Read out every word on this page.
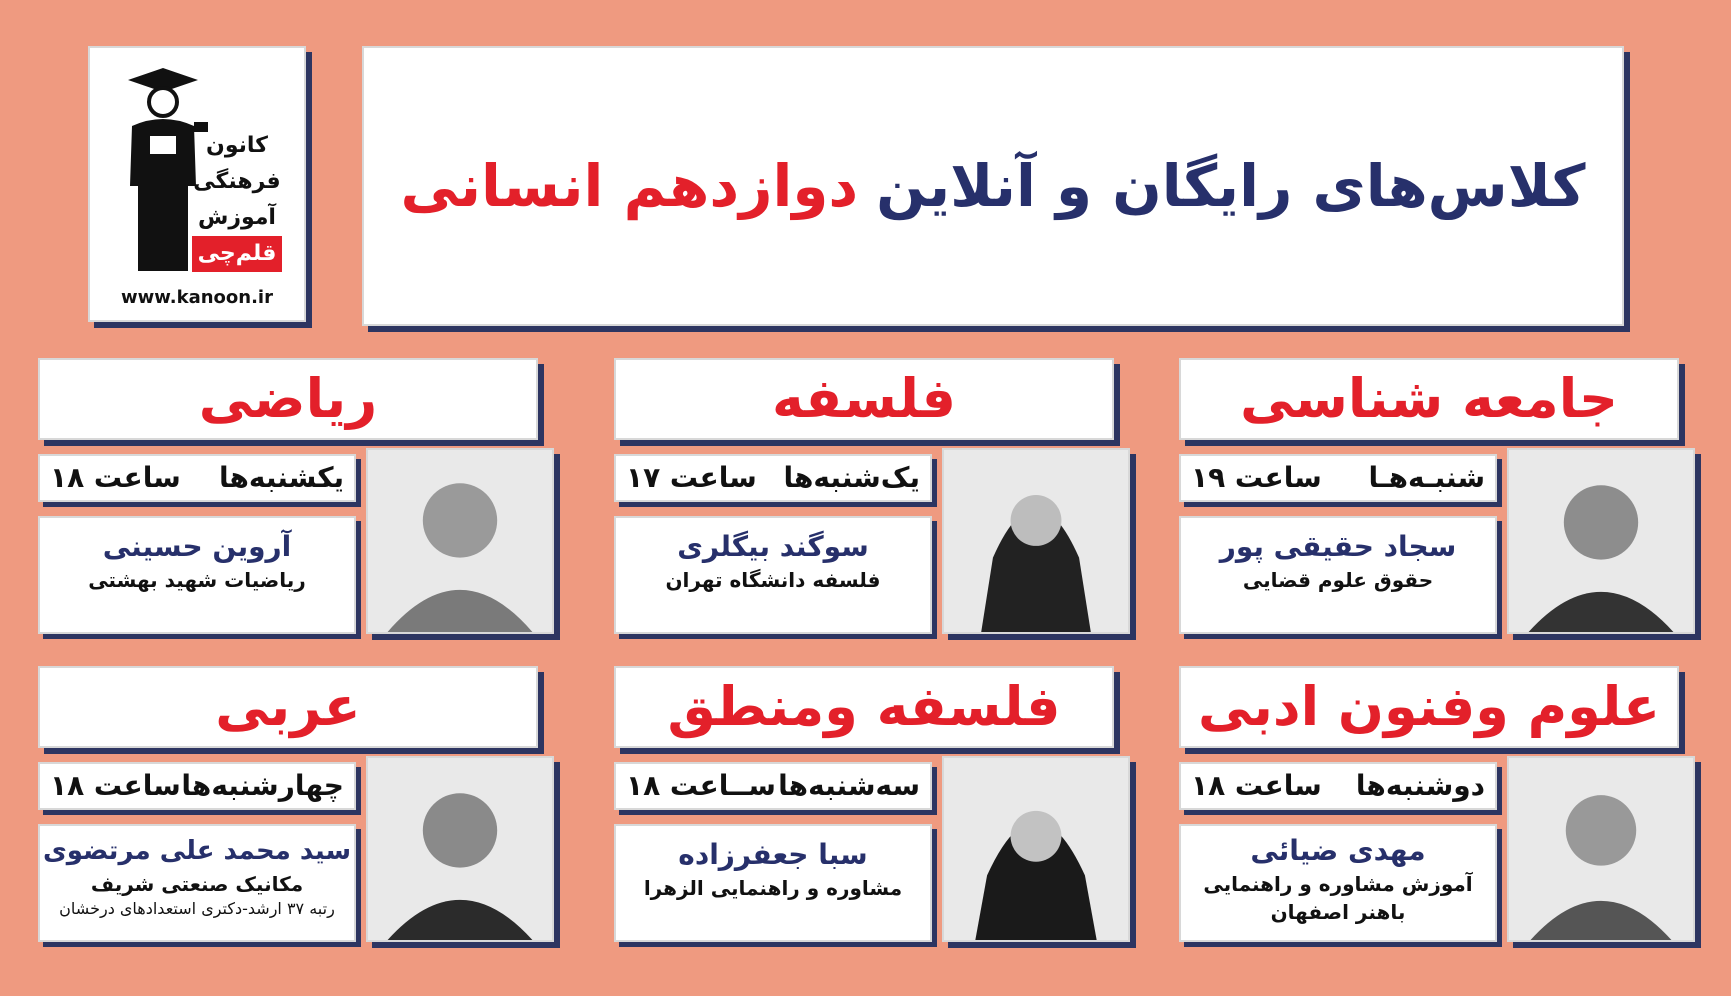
کانون
فرهنگی
آموزش
قلم‌چی
www.kanoon.ir
کلاس‌های رایگان و آنلاین
دوازدهم انسانی
ریاضی
یکشنبه‌ها
ساعت ۱۸
آروین حسینی
ریاضیات شهید بهشتی
فلسفه
یک‌شنبه‌ها
ساعت ۱۷
سوگند بیگلری
فلسفه دانشگاه تهران
جامعه شناسی
شنبـه‌هـا
ساعت ۱۹
سجاد حقیقی پور
حقوق علوم قضایی
عربی
چهارشنبه‌ها
ساعت ۱۸
سید محمد علی مرتضوی
مکانیک صنعتی شریف
رتبه ۳۷ ارشد-دکتری استعدادهای درخشان
فلسفه ومنطق
سه‌شنبه‌ها
ســاعت ۱۸
سبا جعفرزاده
مشاوره و راهنمایی الزهرا
علوم وفنون ادبی
دوشنبه‌ها
ساعت ۱۸
مهدی ضیائی
آموزش مشاوره و راهنمایی
باهنر اصفهان
